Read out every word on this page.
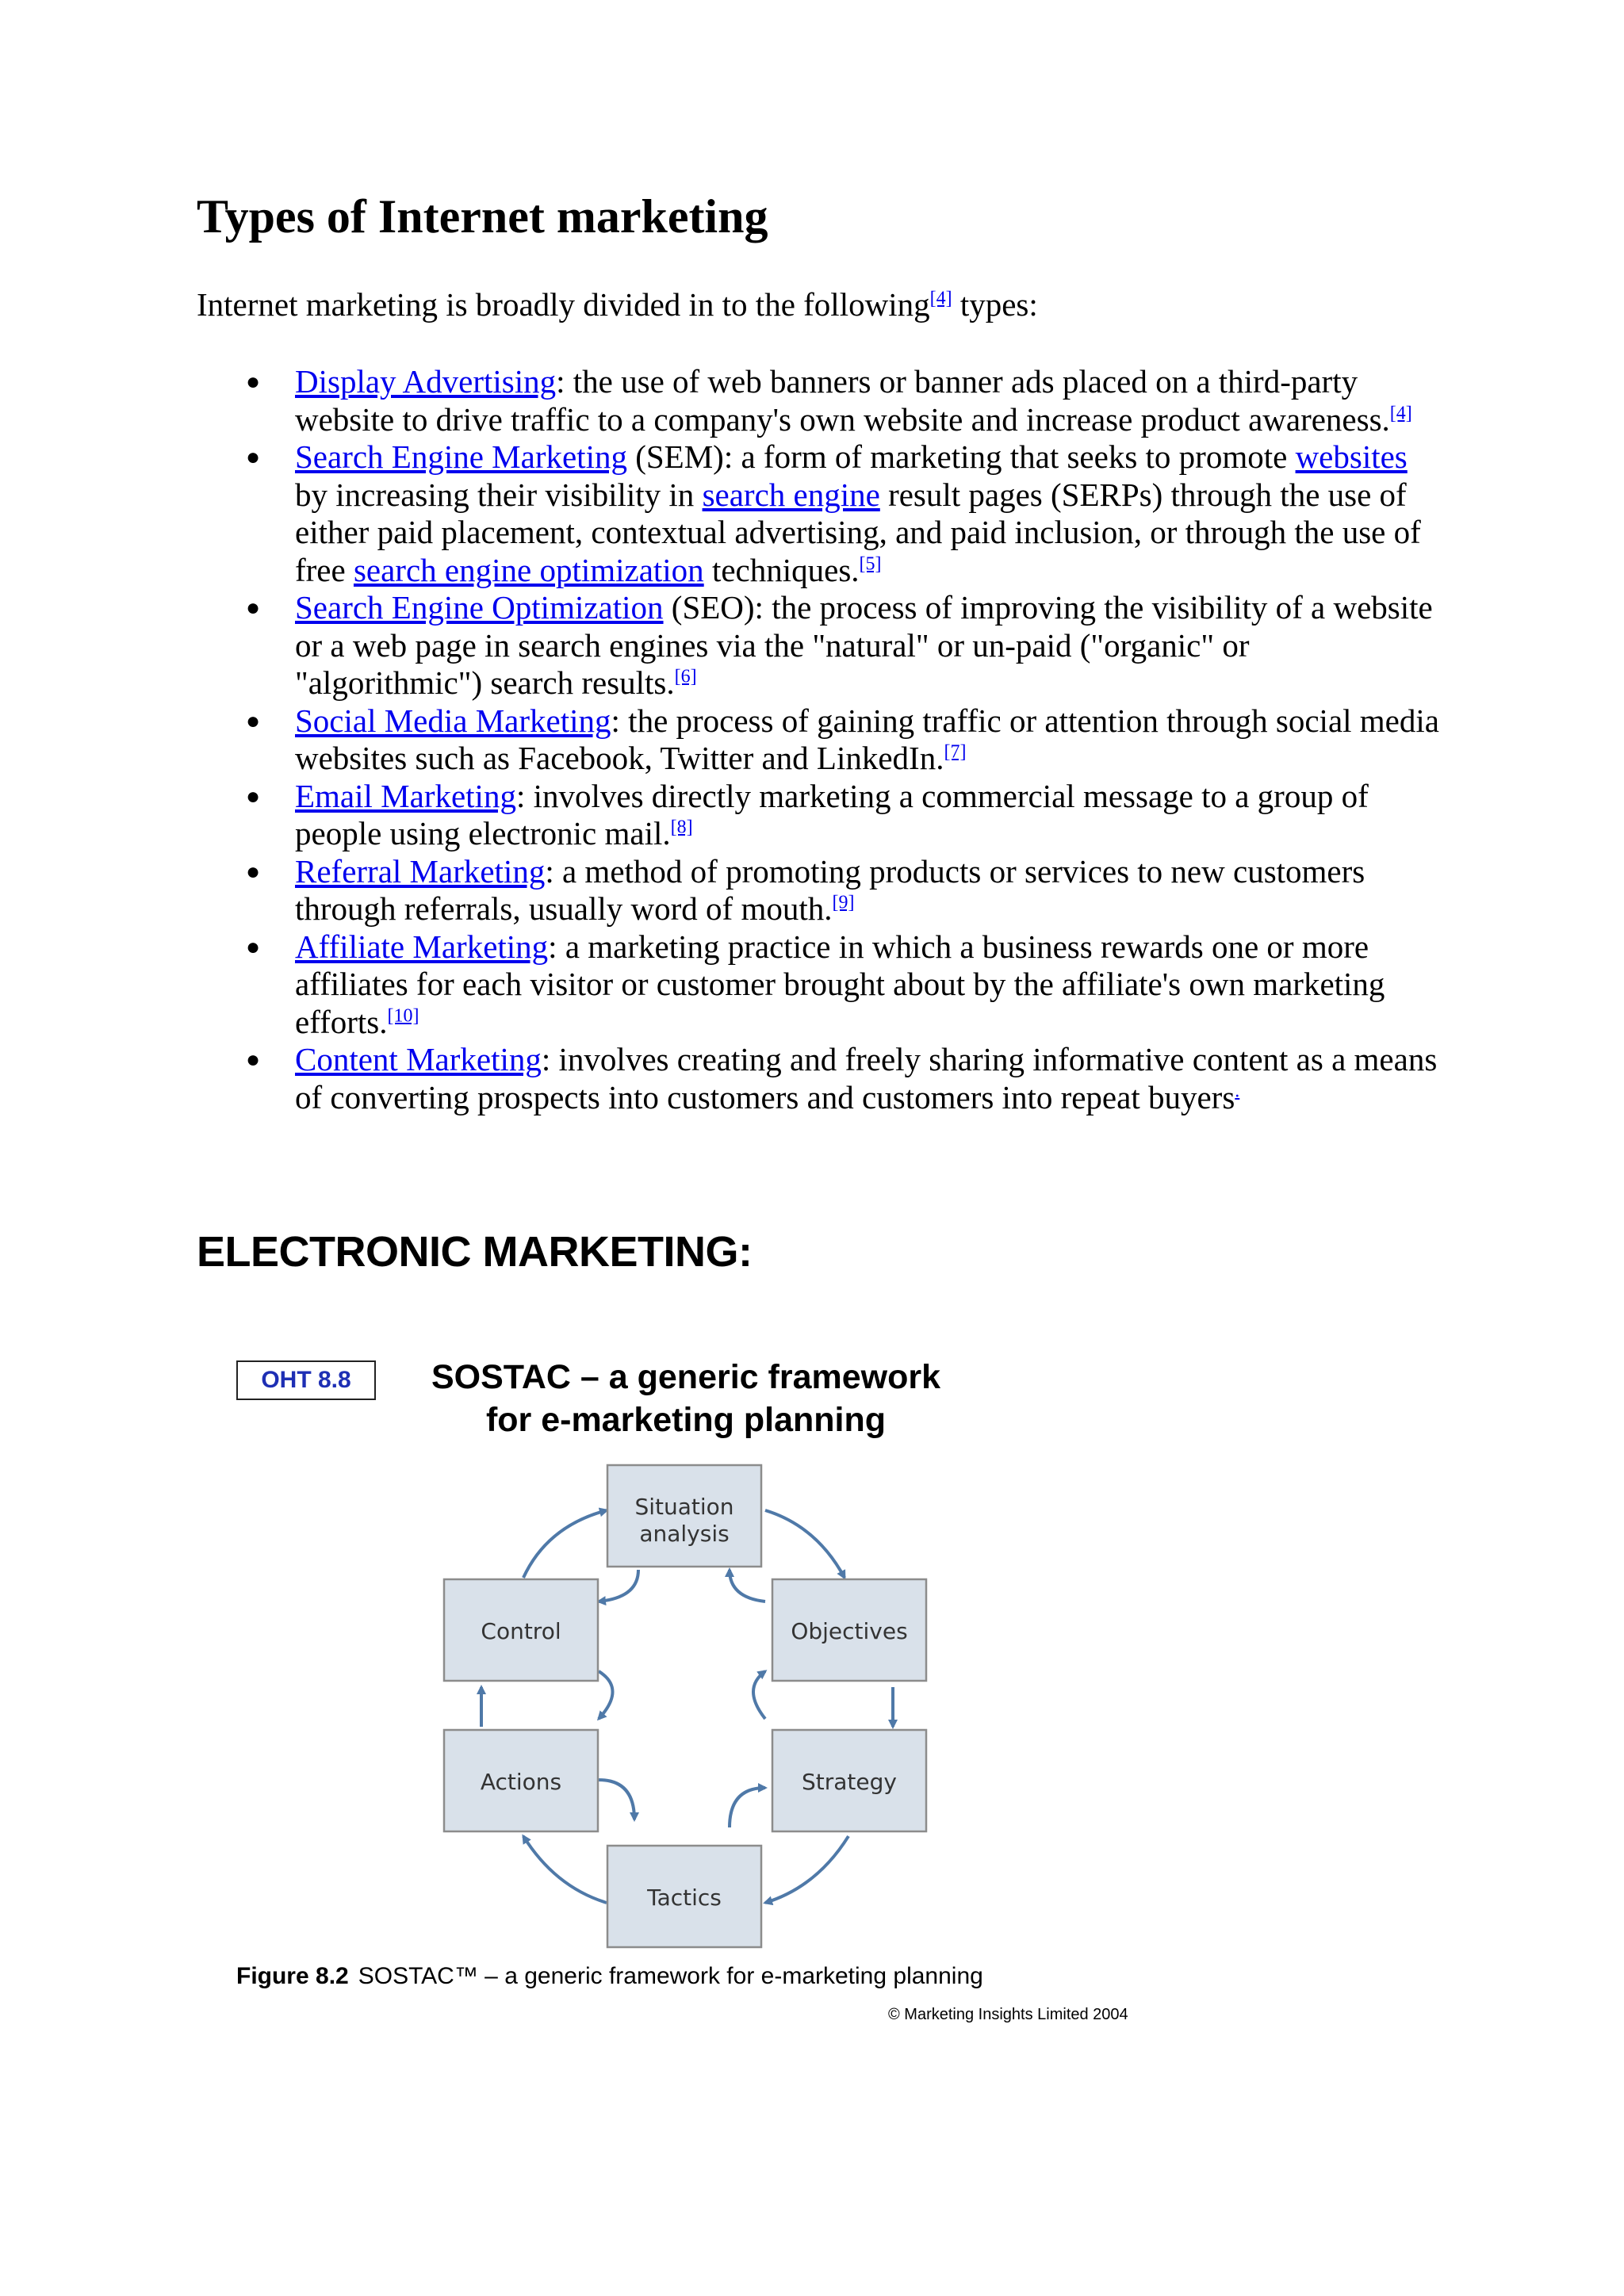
Types of Internet marketing

Internet marketing is broadly divided in to the following[4] types:

● Display Advertising: the use of web banners or banner ads placed on a third-party website to drive traffic to a company's own website and increase product awareness.[4]
● Search Engine Marketing (SEM): a form of marketing that seeks to promote websites by increasing their visibility in search engine result pages (SERPs) through the use of either paid placement, contextual advertising, and paid inclusion, or through the use of free search engine optimization techniques.[5]
● Search Engine Optimization (SEO): the process of improving the visibility of a website or a web page in search engines via the "natural" or un-paid ("organic" or "algorithmic") search results.[6]
● Social Media Marketing: the process of gaining traffic or attention through social media websites such as Facebook, Twitter and LinkedIn.[7]
● Email Marketing: involves directly marketing a commercial message to a group of people using electronic mail.[8]
● Referral Marketing: a method of promoting products or services to new customers through referrals, usually word of mouth.[9]
● Affiliate Marketing: a marketing practice in which a business rewards one or more affiliates for each visitor or customer brought about by the affiliate's own marketing efforts.[10]
● Content Marketing: involves creating and freely sharing informative content as a means of converting prospects into customers and customers into repeat buyers.
ELECTRONIC MARKETING:
OHT 8.8	SOSTAC – a generic framework
for e-marketing planning
Situation
analysis
Objectives
Strategy
Tactics
Actions
Control

Figure 8.2 SOSTAC™ – a generic framework for e-marketing planning

© Marketing Insights Limited 2004
